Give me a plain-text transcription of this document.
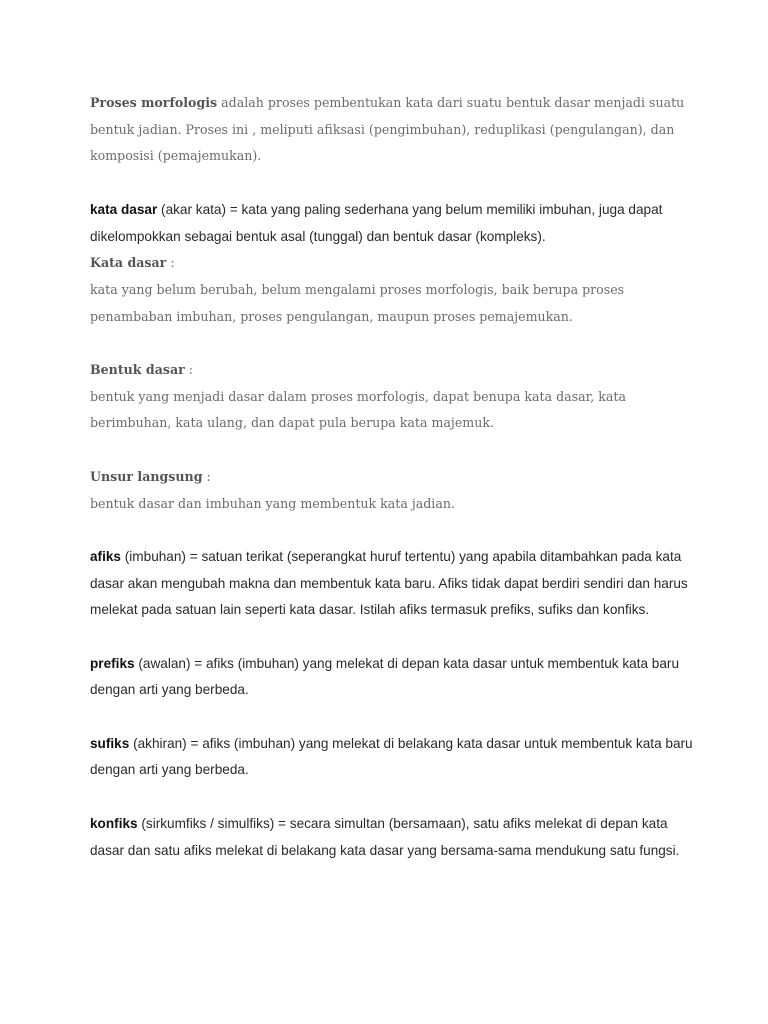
Proses morfologis adalah proses pembentukan kata dari suatu bentuk dasar menjadi suatu bentuk jadian. Proses ini , meliputi afiksasi (pengimbuhan), reduplikasi (pengulangan), dan komposisi (pemajemukan).

kata dasar (akar kata) = kata yang paling sederhana yang belum memiliki imbuhan, juga dapat dikelompokkan sebagai bentuk asal (tunggal) dan bentuk dasar (kompleks).

Kata dasar :

kata yang belum berubah, belum mengalami proses morfologis, baik berupa proses penambaban imbuhan, proses pengulangan, maupun proses pemajemukan.

Bentuk dasar :

bentuk yang menjadi dasar dalam proses morfologis, dapat benupa kata dasar, kata berimbuhan, kata ulang, dan dapat pula berupa kata majemuk.

Unsur langsung :

bentuk dasar dan imbuhan yang membentuk kata jadian.

afiks (imbuhan) = satuan terikat (seperangkat huruf tertentu) yang apabila ditambahkan pada kata dasar akan mengubah makna dan membentuk kata baru. Afiks tidak dapat berdiri sendiri dan harus melekat pada satuan lain seperti kata dasar. Istilah afiks termasuk prefiks, sufiks dan konfiks.

prefiks (awalan) = afiks (imbuhan) yang melekat di depan kata dasar untuk membentuk kata baru dengan arti yang berbeda.

sufiks (akhiran) = afiks (imbuhan) yang melekat di belakang kata dasar untuk membentuk kata baru dengan arti yang berbeda.

konfiks (sirkumfiks / simulfiks) = secara simultan (bersamaan), satu afiks melekat di depan kata dasar dan satu afiks melekat di belakang kata dasar yang bersama-sama mendukung satu fungsi.
